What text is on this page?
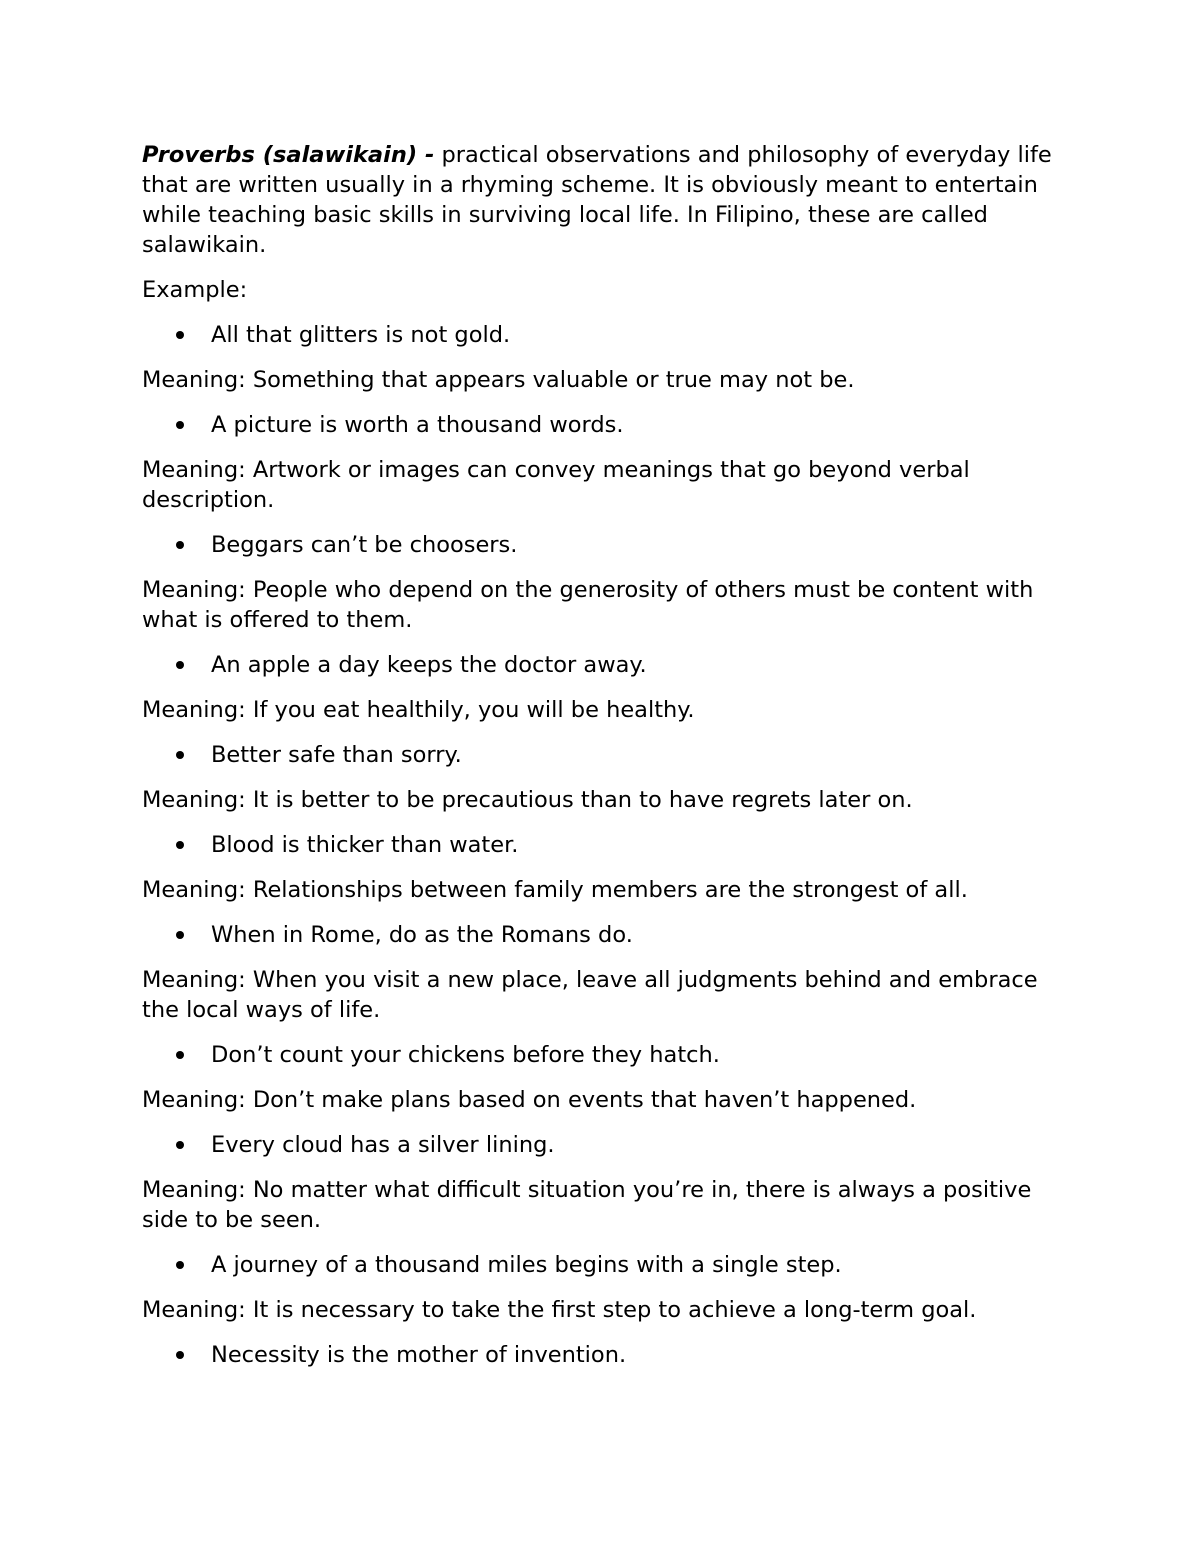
Proverbs (salawikain) - practical observations and philosophy of everyday life that are written usually in a rhyming scheme. It is obviously meant to entertain while teaching basic skills in surviving local life. In Filipino, these are called salawikain.

Example:

All that glitters is not gold.

Meaning: Something that appears valuable or true may not be.

A picture is worth a thousand words.

Meaning: Artwork or images can convey meanings that go beyond verbal description.

Beggars can’t be choosers.

Meaning: People who depend on the generosity of others must be content with what is offered to them.

An apple a day keeps the doctor away.

Meaning: If you eat healthily, you will be healthy.

Better safe than sorry.

Meaning: It is better to be precautious than to have regrets later on.

Blood is thicker than water.

Meaning: Relationships between family members are the strongest of all.

When in Rome, do as the Romans do.

Meaning: When you visit a new place, leave all judgments behind and embrace the local ways of life.

Don’t count your chickens before they hatch.

Meaning: Don’t make plans based on events that haven’t happened.

Every cloud has a silver lining.

Meaning: No matter what difficult situation you’re in, there is always a positive side to be seen.

A journey of a thousand miles begins with a single step.

Meaning: It is necessary to take the first step to achieve a long-term goal.

Necessity is the mother of invention.
